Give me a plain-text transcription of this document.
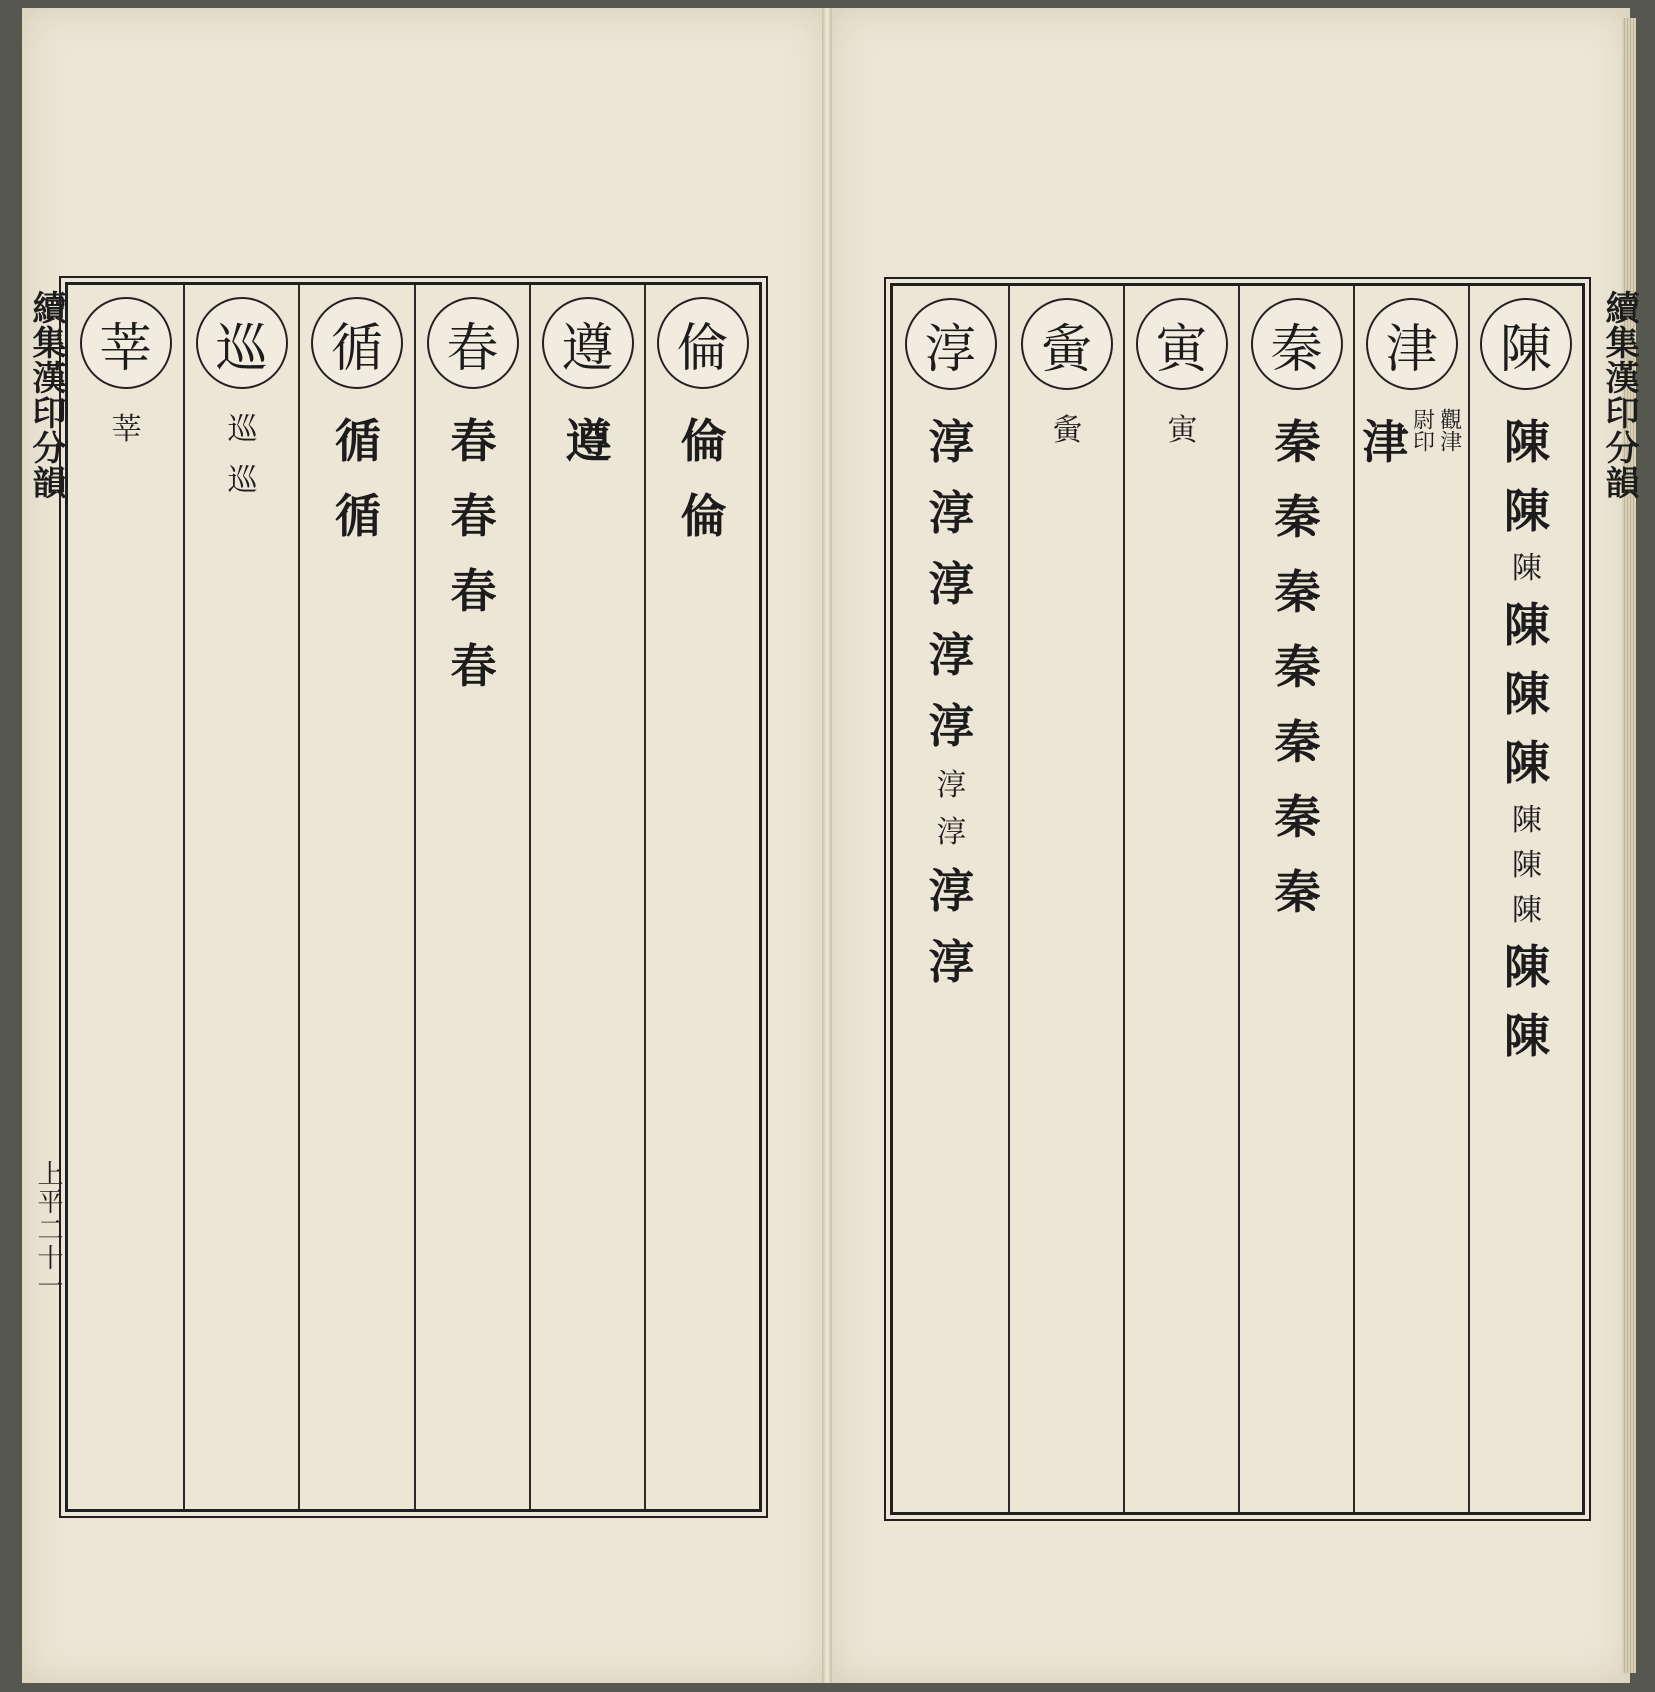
續集漢印分韻
上平二十一
續集漢印分韻
莘
莘
巡
巡
巡
循
循
循
春
春
春
春
春
遵
遵
倫
倫
倫
淳
淳
淳
淳
淳
淳
淳
淳
淳
淳
夤
夤
寅
寅
秦
秦
秦
秦
秦
秦
秦
秦
津
津 觀津
尉印
陳
陳
陳
陳
陳
陳
陳
陳
陳
陳
陳
陳
